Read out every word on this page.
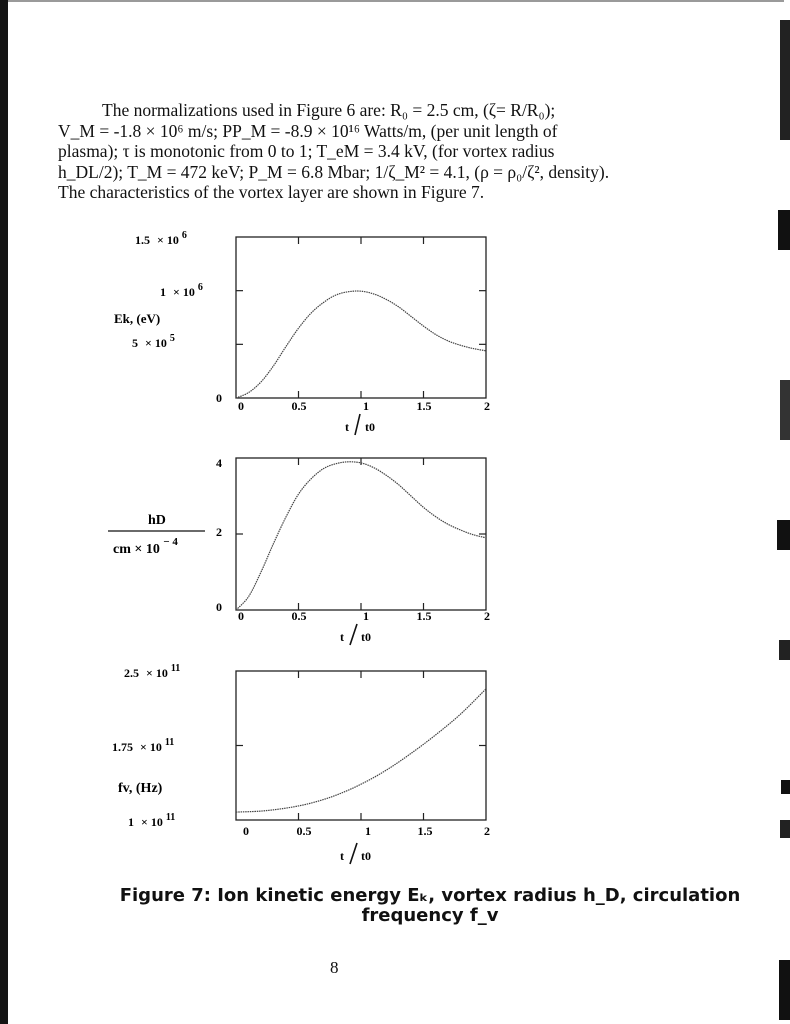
The normalizations used in Figure 6 are: R₀ = 2.5 cm, (ζ= R/R₀);

V_M = -1.8 × 10⁶ m/s; PP_M = -8.9 × 10¹⁶ Watts/m, (per unit length of

plasma); τ is monotonic from 0 to 1; T_eM = 3.4 kV, (for vortex radius

h_DL/2); T_M = 472 keV; P_M = 6.8 Mbar; 1/ζ_M² = 4.1, (ρ = ρ₀/ζ², density).

The characteristics of the vortex layer are shown in Figure 7.

0
5 × 10 $^5$
1 × 10 $^6$
1.5 × 10 $^6$
Ek, (eV)
0	0.5	1	1.5	2
t t0
0
2
4
hD
cm × 10 $^{- 4}$
0	0.5	1	1.5	2
t t0
1 × 10 $^{11}$
1.75 × 10 $^{11}$
2.5 × 10 $^{11}$
fv, (Hz)
0	0.5	1	1.5	2
t t0
Figure 7: Ion kinetic energy Eₖ, vortex radius h_D, circulation
frequency f_v
8
